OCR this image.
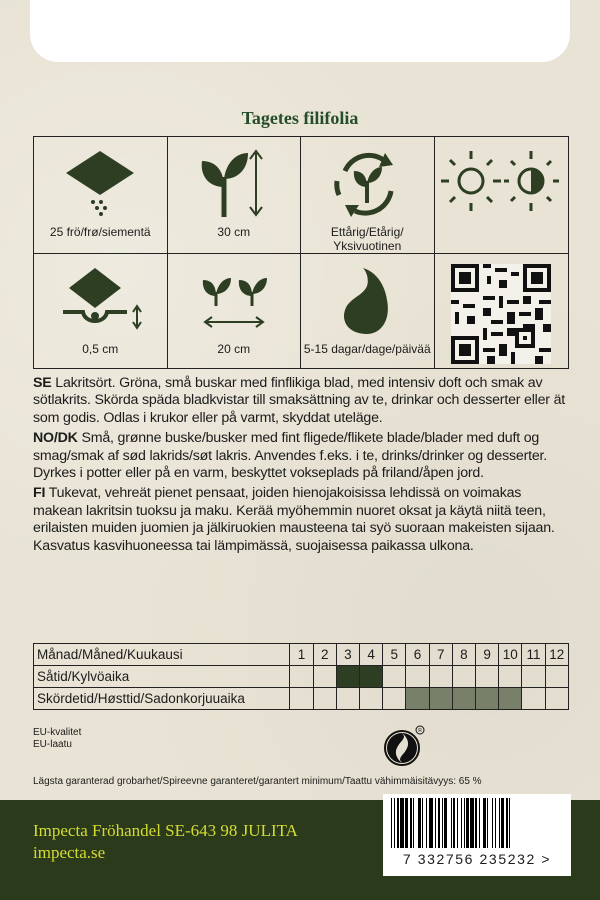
Tagetes filifolia
25 frö/frø/siementä	30 cm	Ettårig/Etårig/ Yksivuotinen
0,5 cm	20 cm	5-15 dagar/dage/päivää

SE Lakritsört. Gröna, små buskar med finflikiga blad, med intensiv doft och smak av sötlakrits. Skörda späda bladkvistar till smaksättning av te, drinkar och desserter eller ät som godis. Odlas i krukor eller på varmt, skyddat uteläge.

NO/DK Små, grønne buske/busker med fint fligede/flikete blade/blader med duft og smag/smak af sød lakrids/søt lakris. Anvendes f.eks. i te, drinks/drinker og desserter. Dyrkes i potter eller på en varm, beskyttet vokseplads på friland/åpen jord.

FI Tukevat, vehreät pienet pensaat, joiden hienojakoisissa lehdissä on voimakas makean lakritsin tuoksu ja maku. Kerää myöhemmin nuoret oksat ja käytä niitä teen, erilaisten muiden juomien ja jälkiruokien mausteena tai syö suoraan makeisten sijaan. Kasvatus kasvihuoneessa tai lämpimässä, suojaisessa paikassa ulkona.

Månad/Måned/Kuukausi	1	2	3	4	5	6	7	8	9	10	11	12
Såtid/Kylvöaika												
Skördetid/Høsttid/Sadonkorjuuaika												
EU-kvalitet
EU-laatu
R
Lägsta garanterad grobarhet/Spireevne garanteret/garantert minimum/Taattu vähimmäisitävyys: 65 %
Impecta Fröhandel SE-643 98 JULITA
impecta.se	7 332756 235232 >
